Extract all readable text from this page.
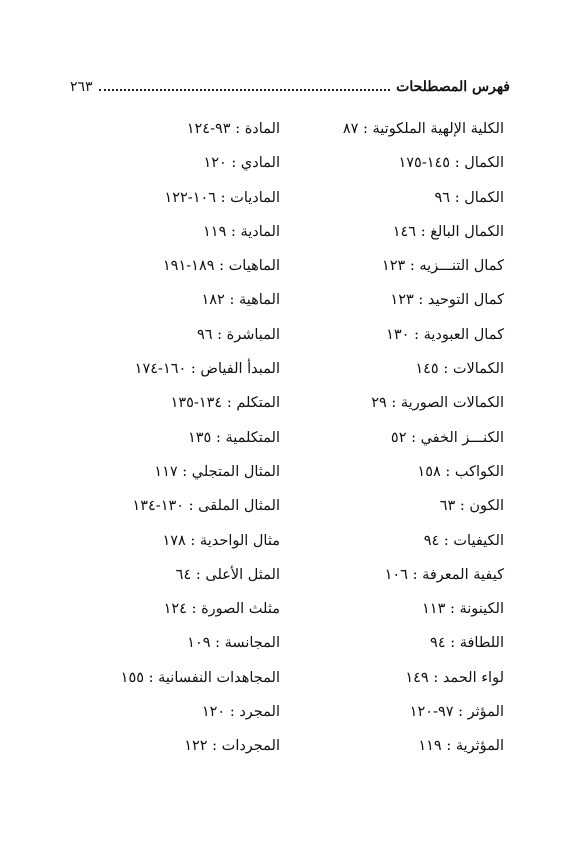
فهرس المصطلحات
٢٦٣
الكلية الإلهية الملكوتية : ٨٧
الكمال : ١٤٥-١٧٥
الكمال : ٩٦
الكمال البالغ : ١٤٦
كمال التنـــزيه : ١٢٣
كمال التوحيد : ١٢٣
كمال العبودية : ١٣٠
الكمالات : ١٤٥
الكمالات الصورية : ٢٩
الكنـــز الخفي : ٥٢
الكواكب : ١٥٨
الكون : ٦٣
الكيفيات : ٩٤
كيفية المعرفة : ١٠٦
الكينونة : ١١٣
اللطافة : ٩٤
لواء الحمد : ١٤٩
المؤثر : ٩٧-١٢٠
المؤثرية : ١١٩
المادة : ٩٣-١٢٤
المادي : ١٢٠
الماديات : ١٠٦-١٢٢
المادية : ١١٩
الماهيات : ١٨٩-١٩١
الماهية : ١٨٢
المباشرة : ٩٦
المبدأ الفياض : ١٦٠-١٧٤
المتكلم : ١٣٤-١٣٥
المتكلمية : ١٣٥
المثال المتجلي : ١١٧
المثال الملقى : ١٣٠-١٣٤
مثال الواحدية : ١٧٨
المثل الأعلى : ٦٤
مثلث الصورة : ١٢٤
المجانسة : ١٠٩
المجاهدات النفسانية : ١٥٥
المجرد : ١٢٠
المجردات : ١٢٢
